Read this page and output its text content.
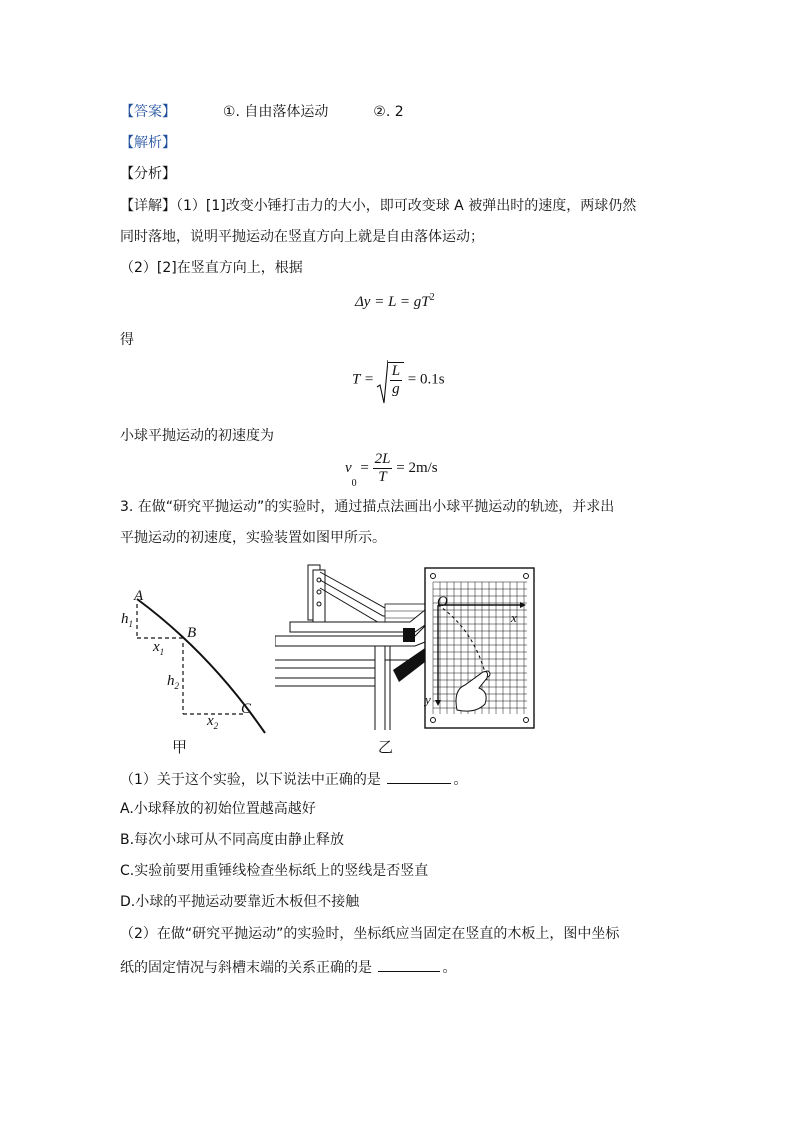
【答案】	①. 自由落体运动	②. 2
【解析】
【分析】
【详解】（1）[1]改变小锤打击力的大小，即可改变球 A 被弹出时的速度，两球仍然
同时落地，说明平抛运动在竖直方向上就是自由落体运动；
（2）[2]在竖直方向上，根据
$\Delta y = L = gT^2$
得
$T = \frac{L}{g} = 0.1s$
小球平抛运动的初速度为
$v_0 = \frac{2L}{T} = 2m/s$
3. 在做“研究平抛运动”的实验时，通过描点法画出小球平抛运动的轨迹，并求出
平抛运动的初速度，实验装置如图甲所示。
A
B
C
$h_1$
$x_1$
$h_2$
$x_2$
甲
O
x
y
乙
（1）关于这个实验，以下说法中正确的是	。
A.小球释放的初始位置越高越好
B.每次小球可从不同高度由静止释放
C.实验前要用重锤线检查坐标纸上的竖线是否竖直
D.小球的平抛运动要靠近木板但不接触
（2）在做“研究平抛运动”的实验时，坐标纸应当固定在竖直的木板上，图中坐标
纸的固定情况与斜槽末端的关系正确的是	。
